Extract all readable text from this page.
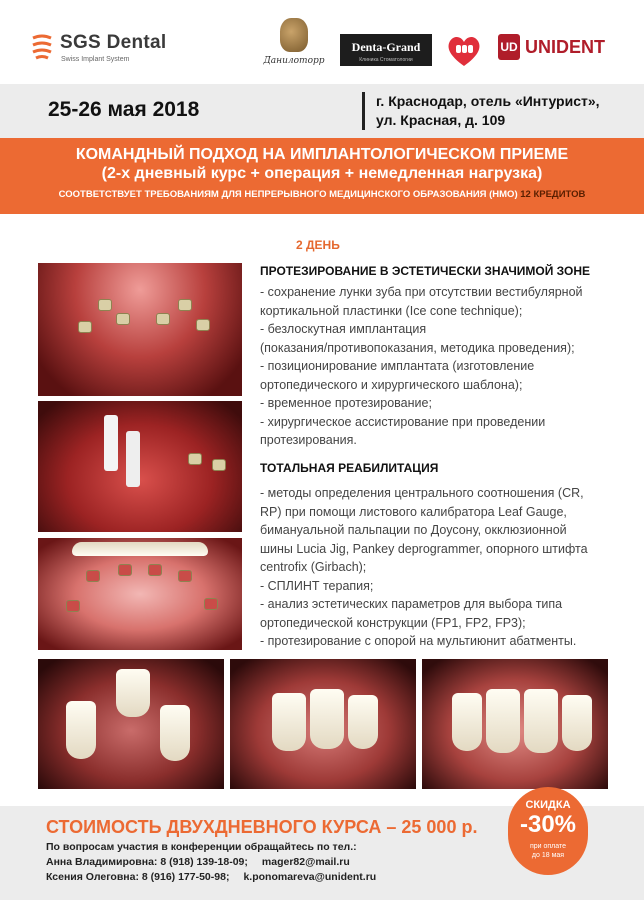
SGS Dental
Swiss Implant System	Данилоторр
Denta-Grand
Клиника Стоматологии
UD UNIDENT
25-26 мая 2018	г. Краснодар, отель «Интурист»,
ул. Красная, д. 109
КОМАНДНЫЙ ПОДХОД НА ИМПЛАНТОЛОГИЧЕСКОМ ПРИЕМЕ
(2-х дневный курс + операция + немедленная нагрузка)
СООТВЕТСТВУЕТ ТРЕБОВАНИЯМ ДЛЯ НЕПРЕРЫВНОГО МЕДИЦИНСКОГО ОБРАЗОВАНИЯ (НМО) 12 КРЕДИТОВ
2 ДЕНЬ
ПРОТЕЗИРОВАНИЕ В ЭСТЕТИЧЕСКИ ЗНАЧИМОЙ ЗОНЕ
- сохранение лунки зуба при отсутствии вестибулярной
кортикальной пластинки (Ice cone technique);
- безлоскутная имплантация
(показания/противопоказания, методика проведения);
- позиционирование имплантата (изготовление
ортопедического и хирургического шаблона);
- временное протезирование;
- хирургическое ассистирование при проведении
протезирования.
ТОТАЛЬНАЯ РЕАБИЛИТАЦИЯ
- методы определения центрального соотношения (CR,
RP) при помощи листового калибратора Leaf Gauge,
бимануальной пальпации по Доусону, окклюзионной
шины Lucia Jig, Pankey deprogrammer, опорного штифта
centrofix (Girbach);
- СПЛИНТ терапия;
- анализ эстетических параметров для выбора типа
ортопедической конструкции (FP1, FP2, FP3);
- протезирование с опорой на мультиюнит абатменты.
СТОИМОСТЬ ДВУХДНЕВНОГО КУРСА – 25 000 р.
По вопросам участия в конференции обращайтесь по тел.:
Анна Владимировна: 8 (918) 139-18-09; mager82@mail.ru
Ксения Олеговна: 8 (916) 177-50-98; k.ponomareva@unident.ru
СКИДКА
-30%
при оплате
до 18 мая
